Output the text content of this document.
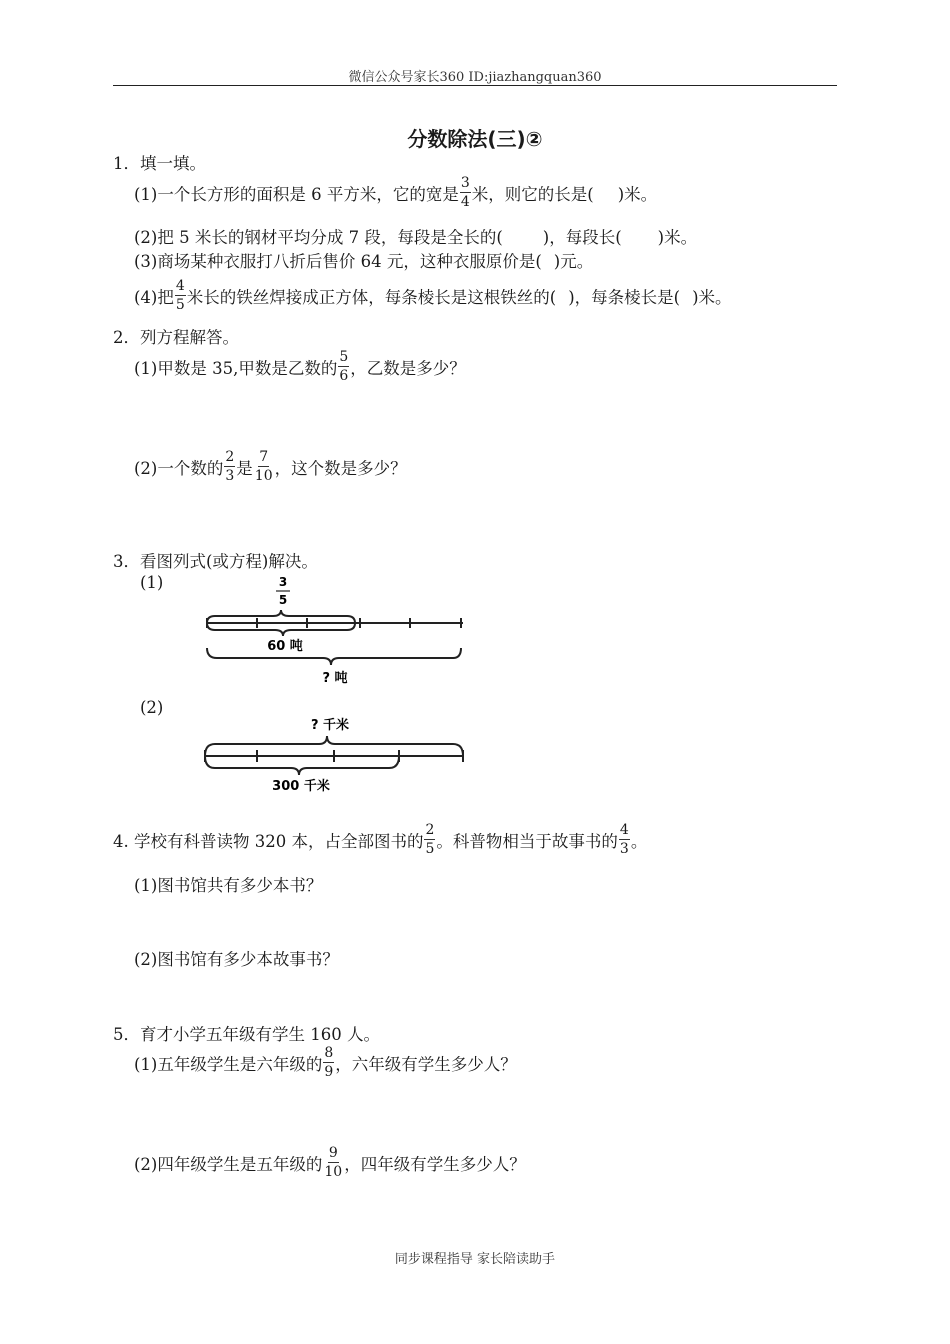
微信公众号家长360 ID:jiazhangquan360
分数除法(三)②
1．填一填。
(1)一个长方形的面积是 6 平方米，它的宽是 $\frac{3}{4}$ 米，则它的长是( )米。
(2)把 5 米长的钢材平均分成 7 段，每段是全长的( )，每段长( )米。
(3)商场某种衣服打八折后售价 64 元，这种衣服原价是( )元。
(4)把 $\frac{4}{5}$ 米长的铁丝焊接成正方体，每条棱长是这根铁丝的( )，每条棱长是( )米。
2．列方程解答。
(1)甲数是 35,甲数是乙数的 $\frac{5}{6}$ ，乙数是多少？
(2)一个数的 $\frac{2}{3}$ 是 $\frac{7}{10}$ ，这个数是多少？
3．看图列式(或方程)解决。
(1)	3
5
60 吨
? 吨
(2)
? 千米
300 千米
4. 学校有科普读物 320 本，占全部图书的 $\frac{2}{5}$ 。科普物相当于故事书的 $\frac{4}{3}$ 。
(1)图书馆共有多少本书？
(2)图书馆有多少本故事书？
5．育才小学五年级有学生 160 人。
(1)五年级学生是六年级的 $\frac{8}{9}$ ，六年级有学生多少人？
(2)四年级学生是五年级的 $\frac{9}{10}$ ，四年级有学生多少人？
同步课程指导 家长陪读助手
